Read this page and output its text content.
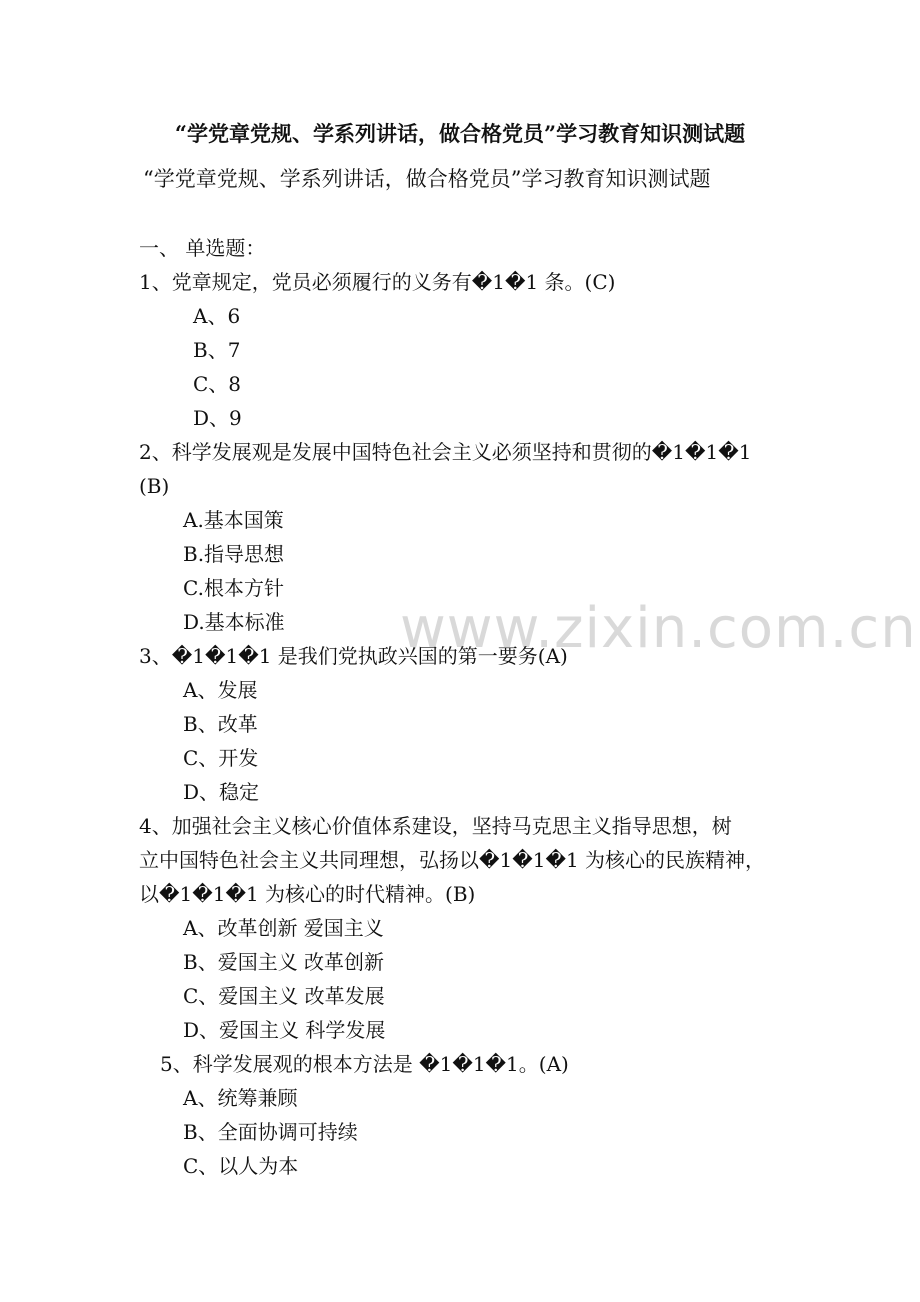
www.zixin.com.cn
“学党章党规、学系列讲话，做合格党员”学习教育知识测试题
“学党章党规、学系列讲话，做合格党员”学习教育知识测试题
一、 单选题：
1、党章规定，党员必须履行的义务有�1�1 条。(C)
A、6
B、7
C、8
D、9
2、科学发展观是发展中国特色社会主义必须坚持和贯彻的�1�1�1
(B)
A.基本国策
B.指导思想
C.根本方针
D.基本标准
3、�1�1�1 是我们党执政兴国的第一要务(A)
A、发展
B、改革
C、开发
D、稳定
4、加强社会主义核心价值体系建设，坚持马克思主义指导思想，树
立中国特色社会主义共同理想，弘扬以�1�1�1 为核心的民族精神，
以�1�1�1 为核心的时代精神。(B)
A、改革创新 爱国主义
B、爱国主义 改革创新
C、爱国主义 改革发展
D、爱国主义 科学发展
5、科学发展观的根本方法是 �1�1�1。(A)
A、统筹兼顾
B、全面协调可持续
C、以人为本
